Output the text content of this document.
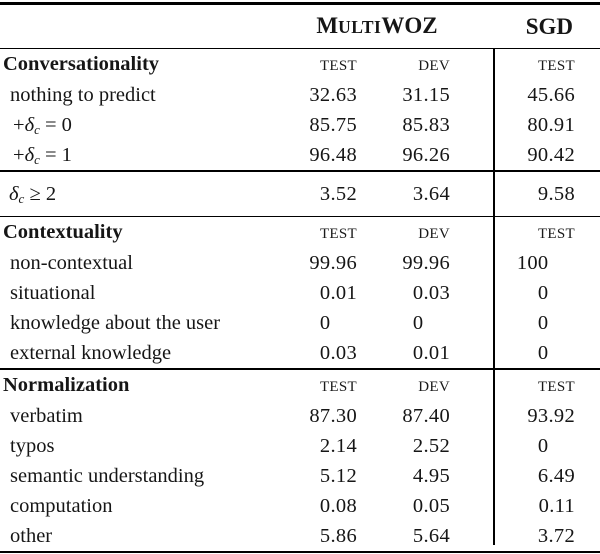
MULTIWOZ	SGD
Conversationality	TEST	DEV	TEST
nothing to predict	32.63	31.15	45.66
+δc = 0	85.75	85.83	80.91
+δc = 1	96.48	96.26	90.42
δc ≥ 2	3.52	3.64	9.58
Contextuality	TEST	DEV	TEST
non-contextual	99.96	99.96	100
situational	0.01	0.03	0
knowledge about the user	0	0	0
external knowledge	0.03	0.01	0
Normalization	TEST	DEV	TEST
verbatim	87.30	87.40	93.92
typos	2.14	2.52	0
semantic understanding	5.12	4.95	6.49
computation	0.08	0.05	0.11
other	5.86	5.64	3.72
